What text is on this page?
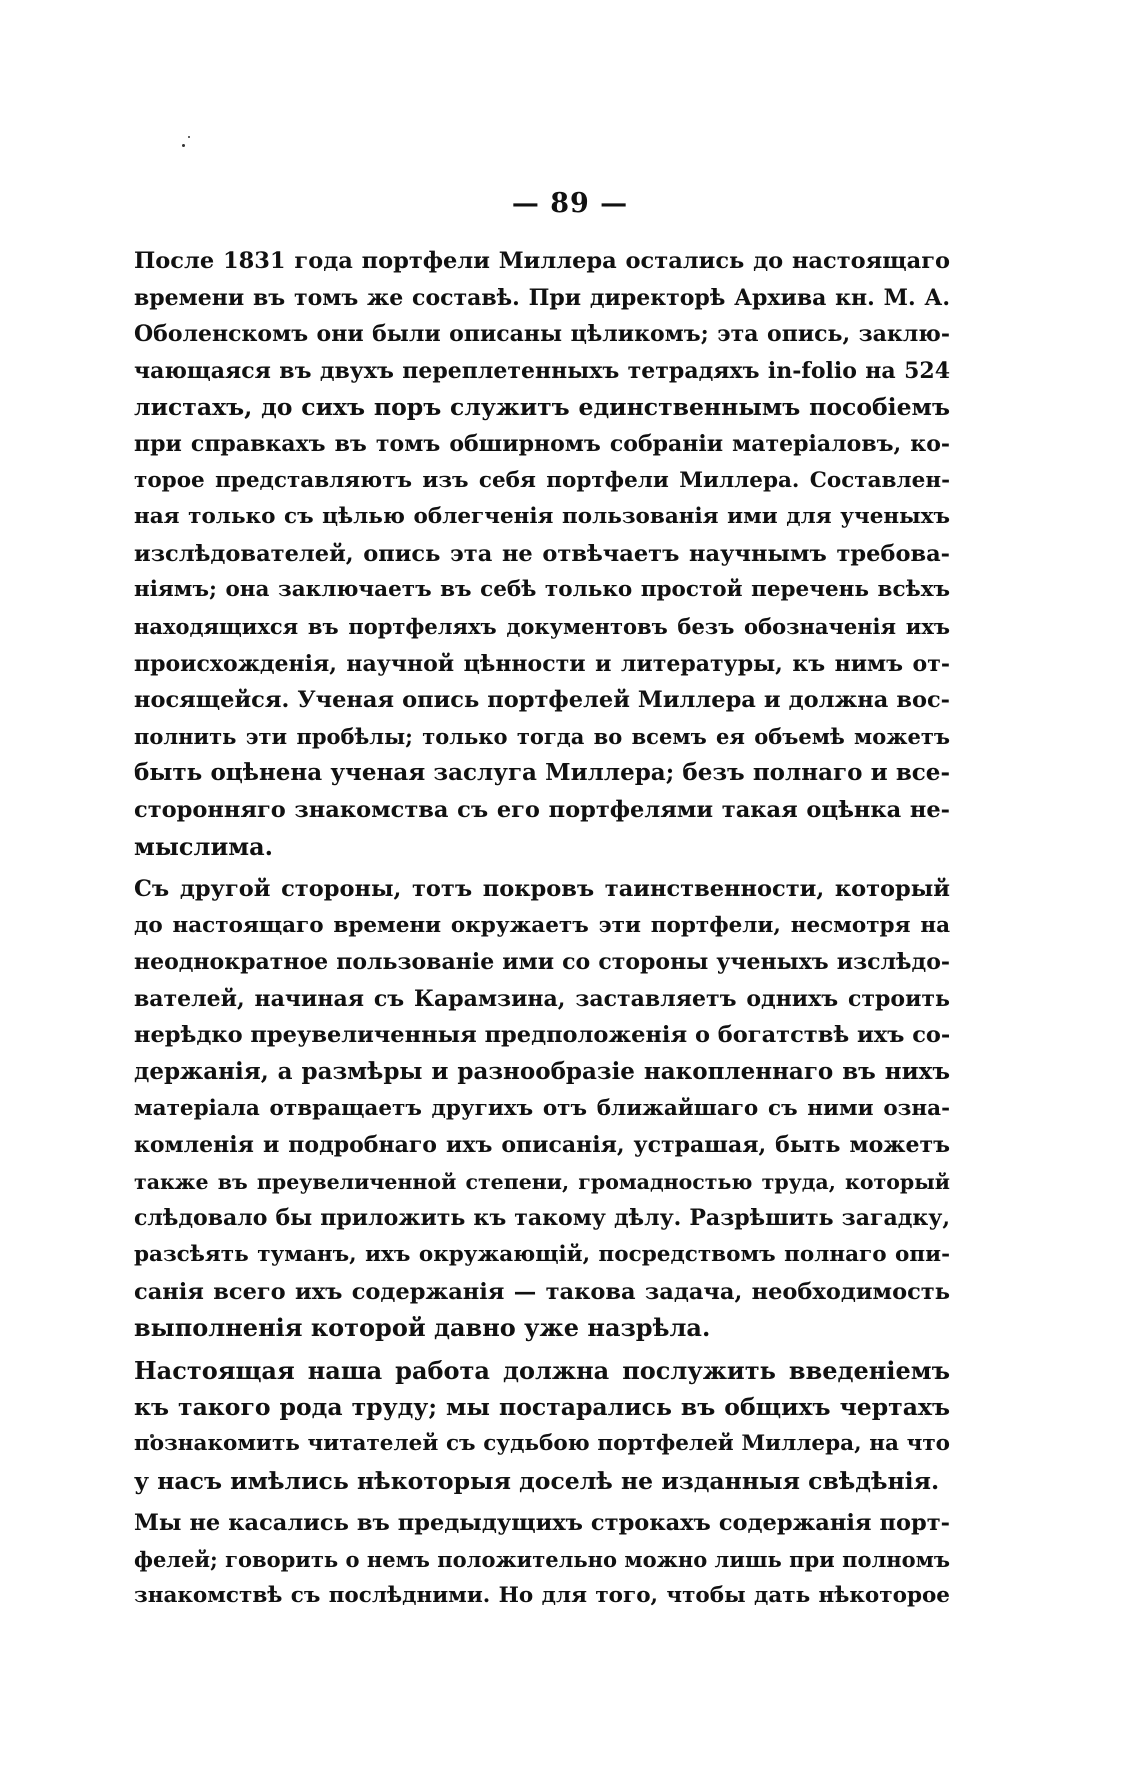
— 89 —

После 1831 года портфели Миллера остались до настоящаго
времени въ томъ же составѣ. При директорѣ Архива кн. М. А.
Оболенскомъ они были описаны цѣликомъ; эта опись, заклю-
чающаяся въ двухъ переплетенныхъ тетрадяхъ in-folio на 524
листахъ, до сихъ поръ служитъ единственнымъ пособіемъ
при справкахъ въ томъ обширномъ собраніи матеріаловъ, ко-
торое представляютъ изъ себя портфели Миллера. Составлен-
ная только съ цѣлью облегченія пользованія ими для ученыхъ
изслѣдователей, опись эта не отвѣчаетъ научнымъ требова-
ніямъ; она заключаетъ въ себѣ только простой перечень всѣхъ
находящихся въ портфеляхъ документовъ безъ обозначенія ихъ
происхожденія, научной цѣнности и литературы, къ нимъ от-
носящейся. Ученая опись портфелей Миллера и должна вос-
полнить эти пробѣлы; только тогда во всемъ ея объемѣ можетъ
быть оцѣнена ученая заслуга Миллера; безъ полнаго и все-
сторонняго знакомства съ его портфелями такая оцѣнка не-
мыслима.

Съ другой стороны, тотъ покровъ таинственности, который
до настоящаго времени окружаетъ эти портфели, несмотря на
неоднократное пользованіе ими со стороны ученыхъ изслѣдо-
вателей, начиная съ Карамзина, заставляетъ однихъ строить
нерѣдко преувеличенныя предположенія о богатствѣ ихъ со-
держанія, а размѣры и разнообразіе накопленнаго въ нихъ
матеріала отвращаетъ другихъ отъ ближайшаго съ ними озна-
комленія и подробнаго ихъ описанія, устрашая, быть можетъ
также въ преувеличенной степени, громадностью труда, который
слѣдовало бы приложить къ такому дѣлу. Разрѣшить загадку,
разсѣять туманъ, ихъ окружающій, посредствомъ полнаго опи-
санія всего ихъ содержанія — такова задача, необходимость
выполненія которой давно уже назрѣла.

Настоящая наша работа должна послужить введеніемъ
къ такого рода труду; мы постарались въ общихъ чертахъ
познакомить читателей съ судьбою портфелей Миллера, на что
у насъ имѣлись нѣкоторыя доселѣ не изданныя свѣдѣнія.

Мы не касались въ предыдущихъ строкахъ содержанія порт-
фелей; говорить о немъ положительно можно лишь при полномъ
знакомствѣ съ послѣдними. Но для того, чтобы дать нѣкоторое
